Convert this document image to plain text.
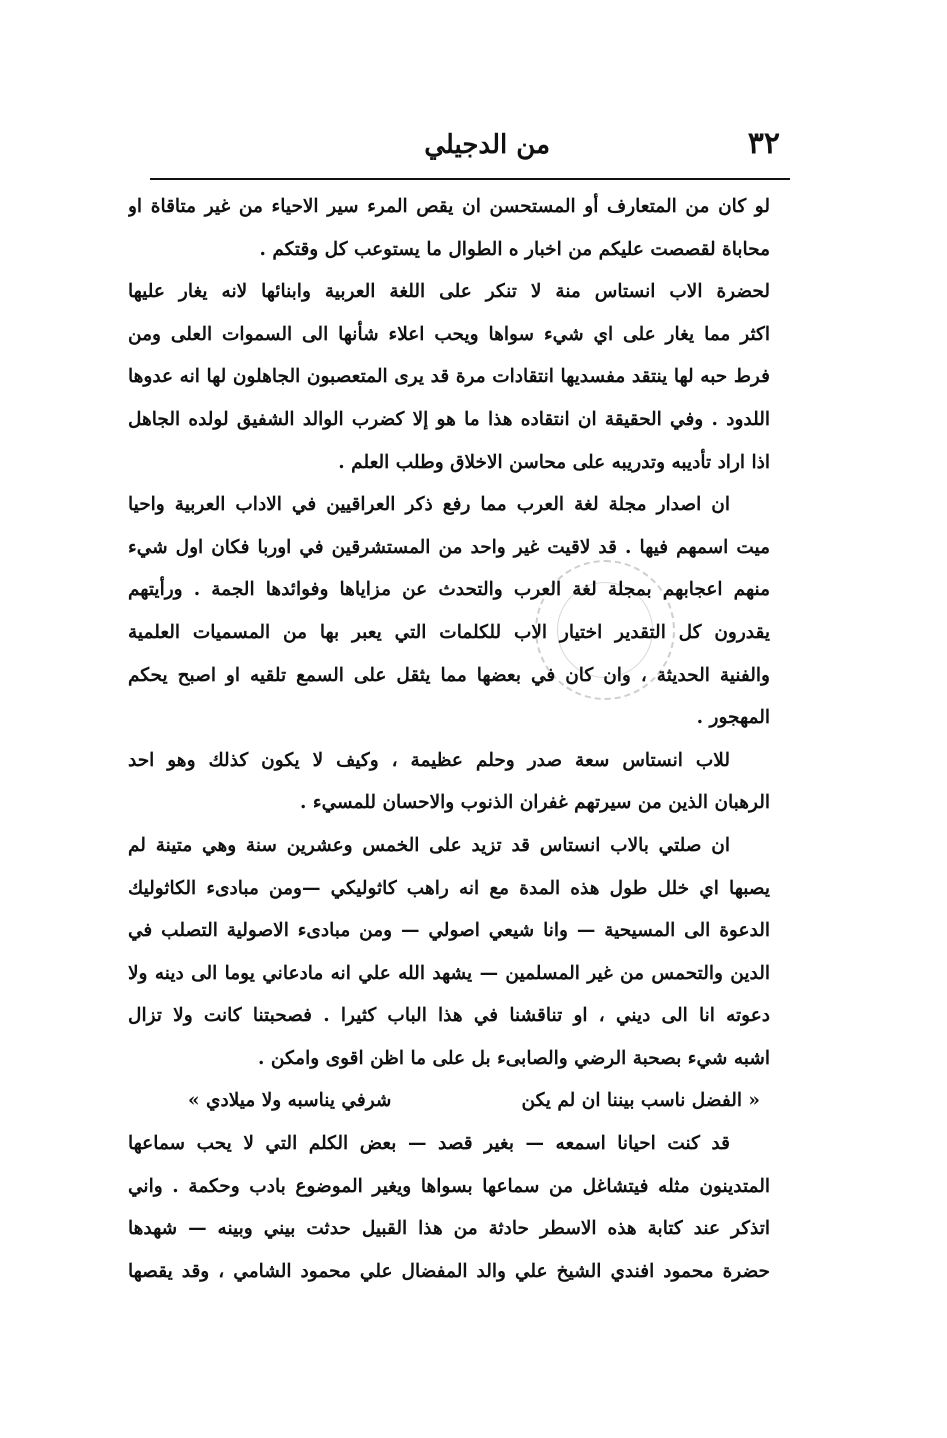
٣٢
من الدجيلي
لو كان من المتعارف أو المستحسن ان يقص المرء سير الاحياء من غير متاقاة او
محاباة لقصصت عليكم من اخبار ه الطوال ما يستوعب كل وقتكم .
لحضرة الاب انستاس منة لا تنكر على اللغة العربية وابنائها لانه يغار عليها
اكثر مما يغار على اي شيء سواها ويحب اعلاء شأنها الى السموات العلى ومن
فرط حبه لها ينتقد مفسديها انتقادات مرة قد يرى المتعصبون الجاهلون لها انه عدوها
اللدود . وفي الحقيقة ان انتقاده هذا ما هو إلا كضرب الوالد الشفيق لولده الجاهل
اذا اراد تأديبه وتدريبه على محاسن الاخلاق وطلب العلم .
ان اصدار مجلة لغة العرب مما رفع ذكر العراقيين في الاداب العربية واحيا
ميت اسمهم فيها . قد لاقيت غير واحد من المستشرقين في اوربا فكان اول شيء
منهم اعجابهم بمجلة لغة العرب والتحدث عن مزاياها وفوائدها الجمة . ورأيتهم
يقدرون كل التقدير اختيار الاب للكلمات التي يعبر بها من المسميات العلمية
والفنية الحديثة ، وان كان في بعضها مما يثقل على السمع تلقيه او اصبح يحكم
المهجور .
للاب انستاس سعة صدر وحلم عظيمة ، وكيف لا يكون كذلك وهو احد
الرهبان الذين من سيرتهم غفران الذنوب والاحسان للمسيء .
ان صلتي بالاب انستاس قد تزيد على الخمس وعشرين سنة وهي متينة لم
يصبها اي خلل طول هذه المدة مع انه راهب كاثوليكي —ومن مبادىء الكاثوليك
الدعوة الى المسيحية — وانا شيعي اصولي — ومن مبادىء الاصولية التصلب في
الدين والتحمس من غير المسلمين — يشهد الله علي انه مادعاني يوما الى دينه ولا
دعوته انا الى ديني ، او تناقشنا في هذا الباب كثيرا . فصحبتنا كانت ولا تزال
اشبه شيء بصحبة الرضي والصابىء بل على ما اظن اقوى وامكن .
« الفضل ناسب بيننا ان لم يكن
شرفي يناسبه ولا ميلادي »
قد كنت احيانا اسمعه — بغير قصد — بعض الكلم التي لا يحب سماعها
المتدينون مثله فيتشاغل من سماعها بسواها ويغير الموضوع بادب وحكمة . واني
اتذكر عند كتابة هذه الاسطر حادثة من هذا القبيل حدثت بيني وبينه — شهدها
حضرة محمود افندي الشيخ علي والد المفضال علي محمود الشامي ، وقد يقصها
